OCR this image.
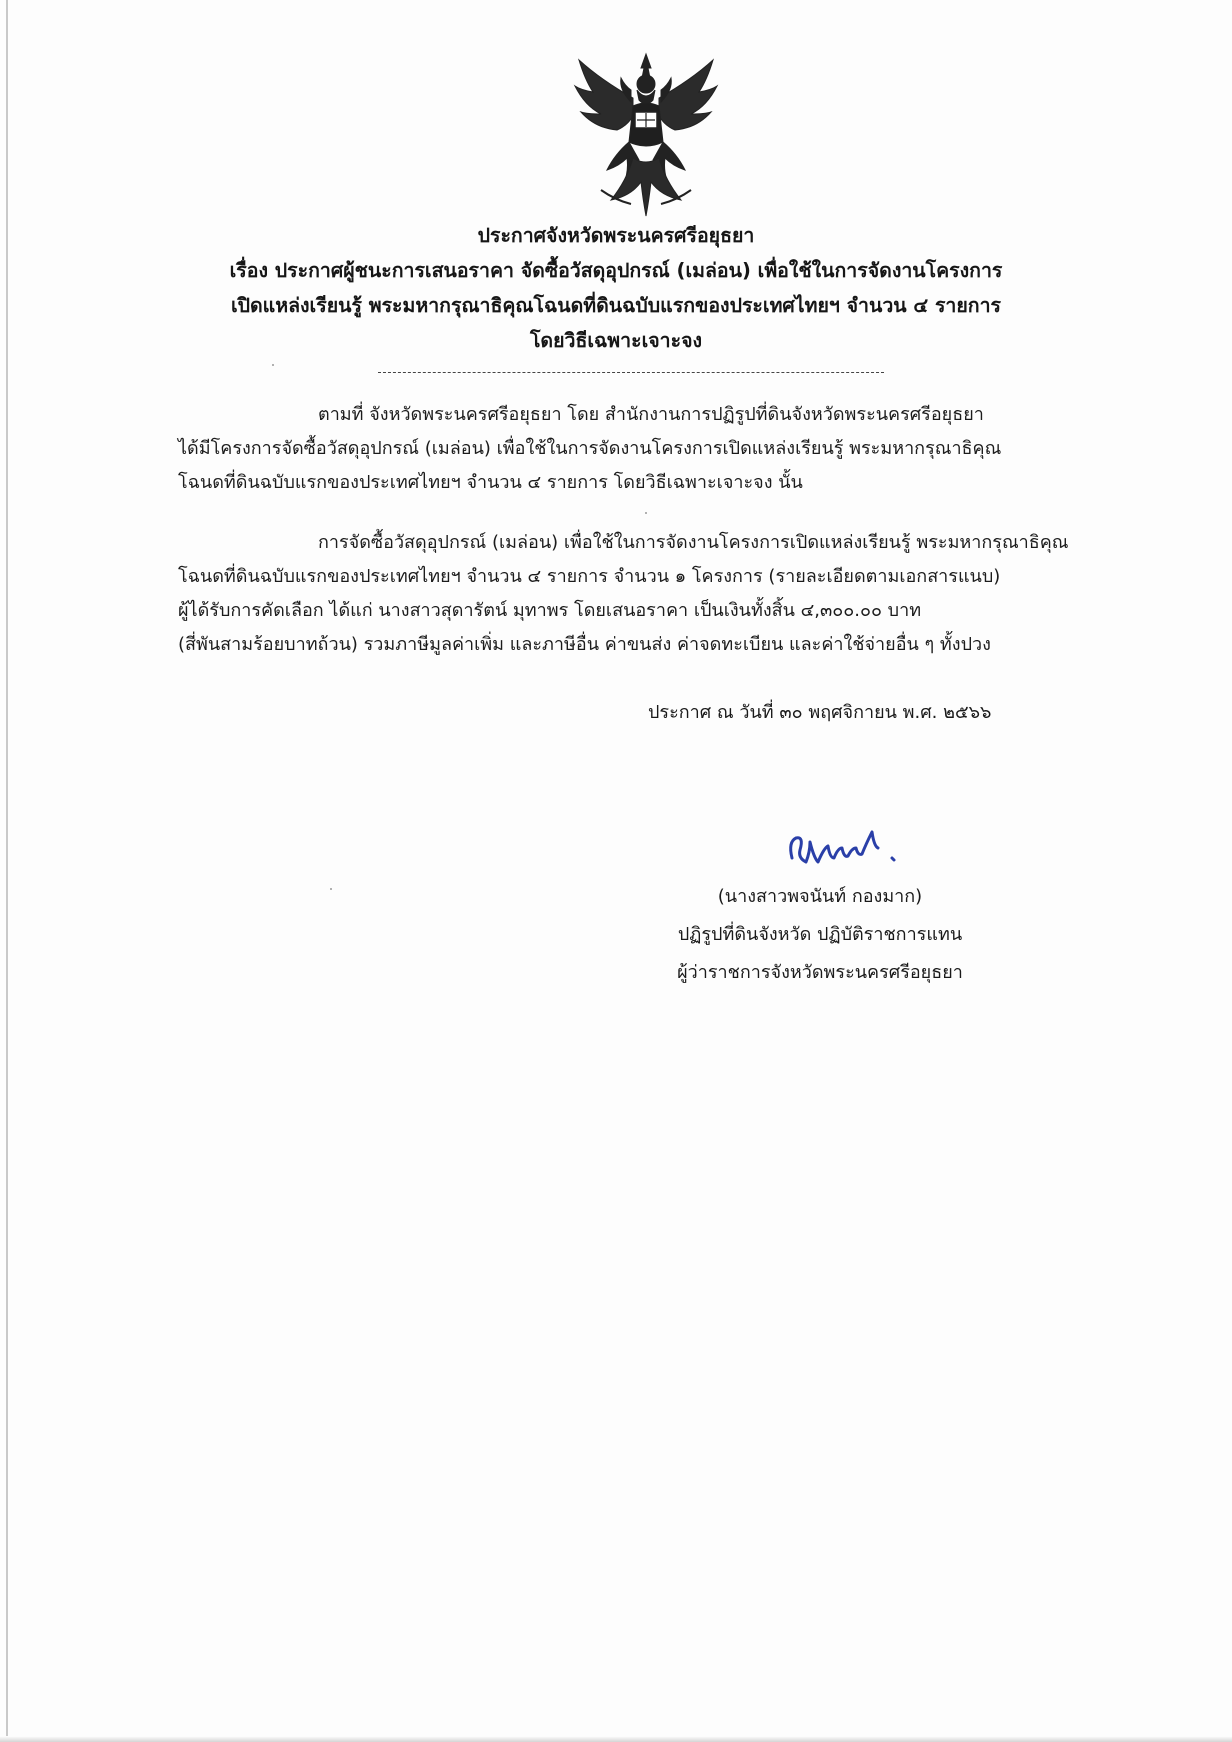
ประกาศจังหวัดพระนครศรีอยุธยา
เรื่อง ประกาศผู้ชนะการเสนอราคา จัดซื้อวัสดุอุปกรณ์ (เมล่อน) เพื่อใช้ในการจัดงานโครงการ
เปิดแหล่งเรียนรู้ พระมหากรุณาธิคุณโฉนดที่ดินฉบับแรกของประเทศไทยฯ จำนวน ๔ รายการ
โดยวิธีเฉพาะเจาะจง
ตามที่ จังหวัดพระนครศรีอยุธยา โดย สำนักงานการปฏิรูปที่ดินจังหวัดพระนครศรีอยุธยา
ได้มีโครงการจัดซื้อวัสดุอุปกรณ์ (เมล่อน) เพื่อใช้ในการจัดงานโครงการเปิดแหล่งเรียนรู้ พระมหากรุณาธิคุณ
โฉนดที่ดินฉบับแรกของประเทศไทยฯ จำนวน ๔ รายการ โดยวิธีเฉพาะเจาะจง นั้น
การจัดซื้อวัสดุอุปกรณ์ (เมล่อน) เพื่อใช้ในการจัดงานโครงการเปิดแหล่งเรียนรู้ พระมหากรุณาธิคุณ
โฉนดที่ดินฉบับแรกของประเทศไทยฯ จำนวน ๔ รายการ จำนวน ๑ โครงการ (รายละเอียดตามเอกสารแนบ)
ผู้ได้รับการคัดเลือก ได้แก่ นางสาวสุดารัตน์ มุทาพร โดยเสนอราคา เป็นเงินทั้งสิ้น ๔,๓๐๐.๐๐ บาท
(สี่พันสามร้อยบาทถ้วน) รวมภาษีมูลค่าเพิ่ม และภาษีอื่น ค่าขนส่ง ค่าจดทะเบียน และค่าใช้จ่ายอื่น ๆ ทั้งปวง
ประกาศ ณ วันที่ ๓๐ พฤศจิกายน พ.ศ. ๒๕๖๖
(นางสาวพจนันท์ กองมาก)
ปฏิรูปที่ดินจังหวัด ปฏิบัติราชการแทน
ผู้ว่าราชการจังหวัดพระนครศรีอยุธยา
